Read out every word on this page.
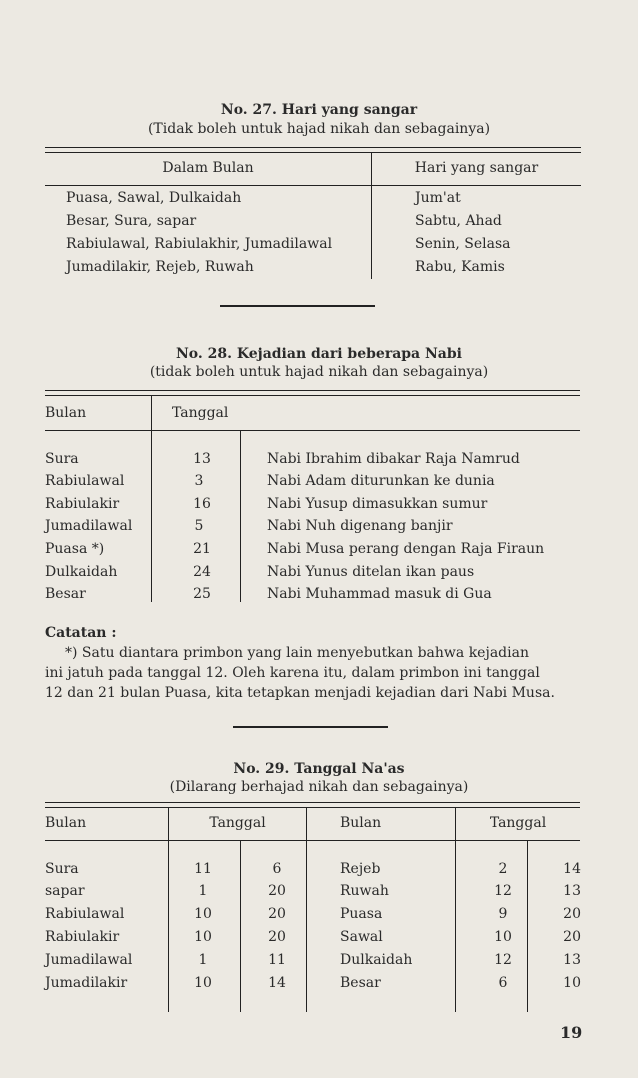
No. 27. Hari yang sangar
(Tidak boleh untuk hajad nikah dan sebagainya)
Dalam Bulan	Hari yang sangar
Puasa, Sawal, Dulkaidah	Jum'at
Besar, Sura, sapar	Sabtu, Ahad
Rabiulawal, Rabiulakhir, Jumadilawal	Senin, Selasa
Jumadilakir, Rejeb, Ruwah	Rabu, Kamis
No. 28. Kejadian dari beberapa Nabi
(tidak boleh untuk hajad nikah dan sebagainya)
Bulan	Tanggal
Sura	13	Nabi Ibrahim dibakar Raja Namrud
Rabiulawal	3	Nabi Adam diturunkan ke dunia
Rabiulakir	16	Nabi Yusup dimasukkan sumur
Jumadilawal	5	Nabi Nuh digenang banjir
Puasa *)	21	Nabi Musa perang dengan Raja Firaun
Dulkaidah	24	Nabi Yunus ditelan ikan paus
Besar	25	Nabi Muhammad masuk di Gua
Catatan :
*) Satu diantara primbon yang lain menyebutkan bahwa kejadian
ini jatuh pada tanggal 12. Oleh karena itu, dalam primbon ini tanggal
12 dan 21 bulan Puasa, kita tetapkan menjadi kejadian dari Nabi Musa.
No. 29. Tanggal Na'as
(Dilarang berhajad nikah dan sebagainya)
Bulan	Tanggal	Bulan	Tanggal
Sura	11	6	Rejeb	2	14
sapar	1	20	Ruwah	12	13
Rabiulawal	10	20	Puasa	9	20
Rabiulakir	10	20	Sawal	10	20
Jumadilawal	1	11	Dulkaidah	12	13
Jumadilakir	10	14	Besar	6	10
19
